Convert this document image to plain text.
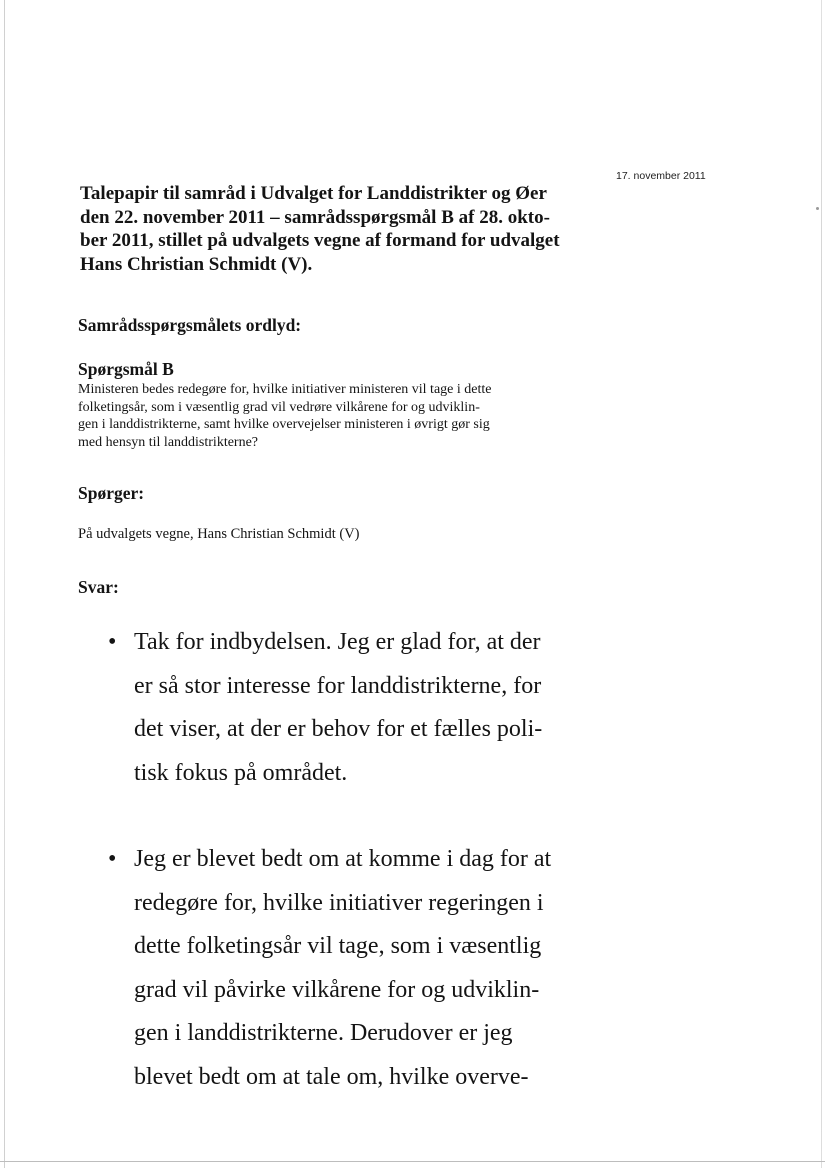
17. november 2011
Talepapir til samråd i Udvalget for Landdistrikter og Øer
den 22. november 2011 – samrådsspørgsmål B af 28. okto-
ber 2011, stillet på udvalgets vegne af formand for udvalget
Hans Christian Schmidt (V).
Samrådsspørgsmålets ordlyd:
Spørgsmål B

Ministeren bedes redegøre for, hvilke initiativer ministeren vil tage i dette
folketingsår, som i væsentlig grad vil vedrøre vilkårene for og udviklin-
gen i landdistrikterne, samt hvilke overvejelser ministeren i øvrigt gør sig
med hensyn til landdistrikterne?

Spørger:

På udvalgets vegne, Hans Christian Schmidt (V)

Svar:
• Tak for indbydelsen. Jeg er glad for, at der
er så stor interesse for landdistrikterne, for
det viser, at der er behov for et fælles poli-
tisk fokus på området.

• Jeg er blevet bedt om at komme i dag for at
redegøre for, hvilke initiativer regeringen i
dette folketingsår vil tage, som i væsentlig
grad vil påvirke vilkårene for og udviklin-
gen i landdistrikterne. Derudover er jeg
blevet bedt om at tale om, hvilke overve-
